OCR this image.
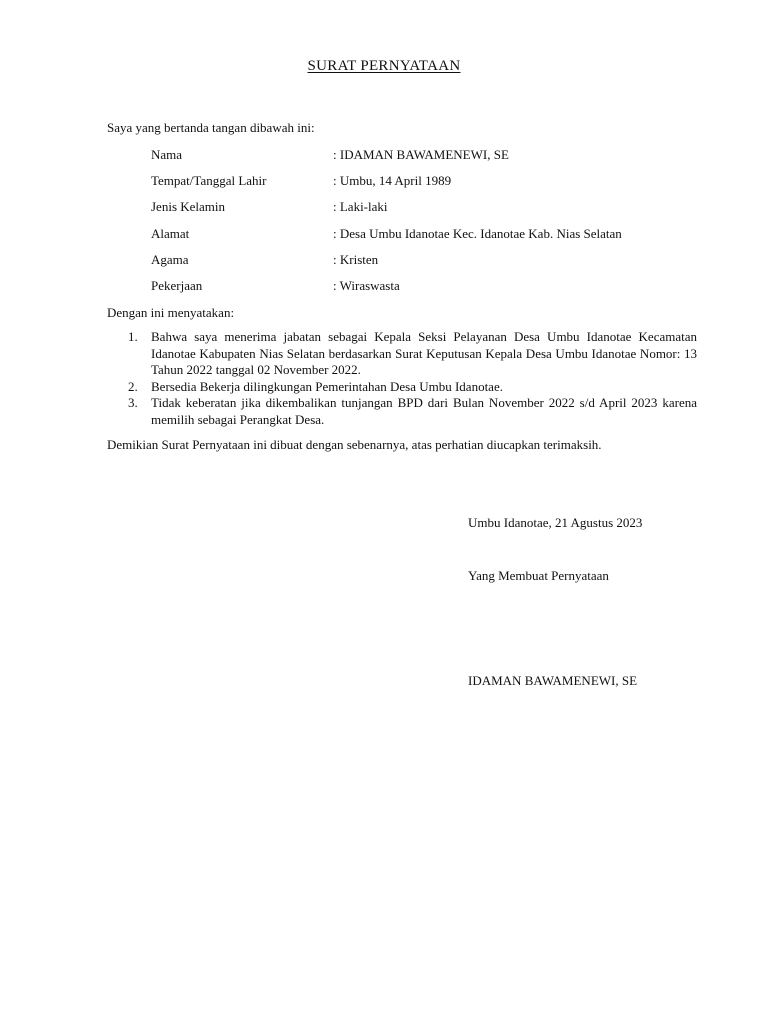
SURAT PERNYATAAN
Saya yang bertanda tangan dibawah ini:
Nama	: IDAMAN BAWAMENEWI, SE
Tempat/Tanggal Lahir	: Umbu, 14 April 1989
Jenis Kelamin	: Laki-laki
Alamat	: Desa Umbu Idanotae Kec. Idanotae Kab. Nias Selatan
Agama	: Kristen
Pekerjaan	: Wiraswasta
Dengan ini menyatakan:
1. Bahwa saya menerima jabatan sebagai Kepala Seksi Pelayanan Desa Umbu Idanotae Kecamatan Idanotae Kabupaten Nias Selatan berdasarkan Surat Keputusan Kepala Desa Umbu Idanotae Nomor: 13 Tahun 2022 tanggal 02 November 2022.
2. Bersedia Bekerja dilingkungan Pemerintahan Desa Umbu Idanotae.
3. Tidak keberatan jika dikembalikan tunjangan BPD dari Bulan November 2022 s/d April 2023 karena memilih sebagai Perangkat Desa.
Demikian Surat Pernyataan ini dibuat dengan sebenarnya, atas perhatian diucapkan terimaksih.
Umbu Idanotae, 21 Agustus 2023
Yang Membuat Pernyataan
IDAMAN BAWAMENEWI, SE
